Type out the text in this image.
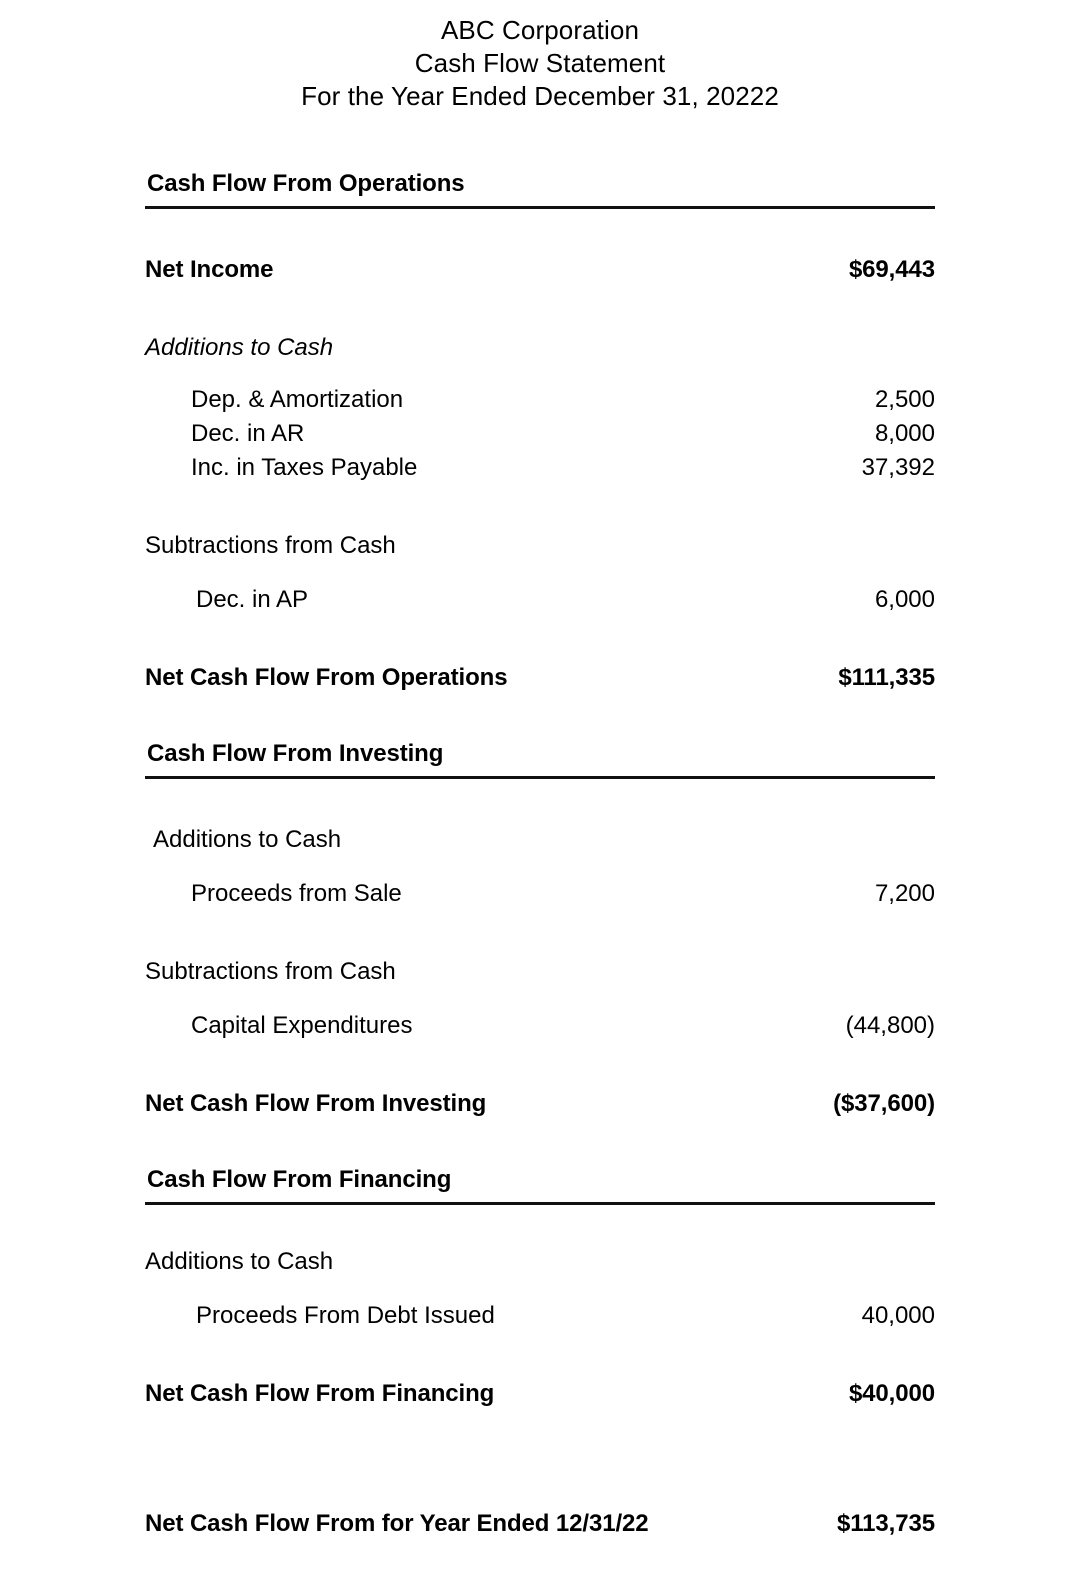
ABC Corporation
Cash Flow Statement
For the Year Ended December 31, 20222
Cash Flow From Operations
Net Income	$69,443
Additions to Cash
Dep. & Amortization	2,500
Dec. in AR	8,000
Inc. in Taxes Payable	37,392
Subtractions from Cash
Dec. in AP	6,000
Net Cash Flow From Operations	$111,335
Cash Flow From Investing
Additions to Cash
Proceeds from Sale	7,200
Subtractions from Cash
Capital Expenditures	(44,800)
Net Cash Flow From Investing	($37,600)
Cash Flow From Financing
Additions to Cash
Proceeds From Debt Issued	40,000
Net Cash Flow From Financing	$40,000
Net Cash Flow From for Year Ended 12/31/22	$113,735
